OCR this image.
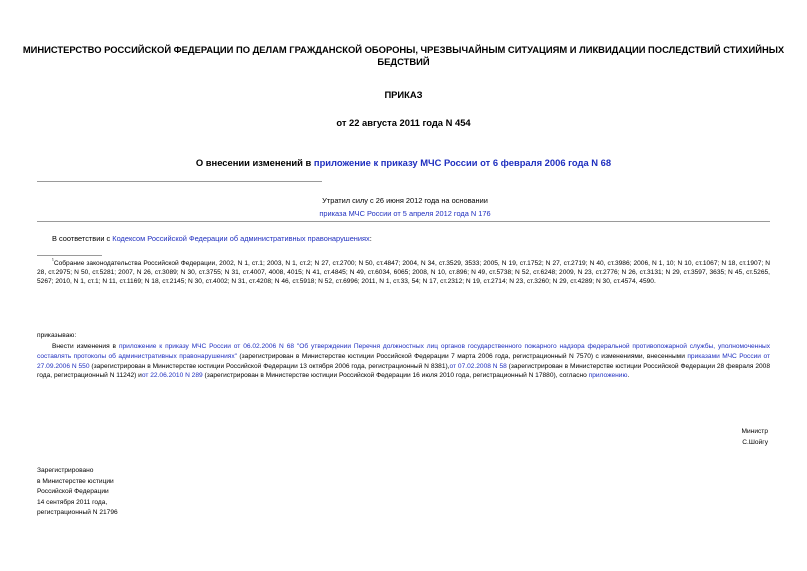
МИНИСТЕРСТВО РОССИЙСКОЙ ФЕДЕРАЦИИ ПО ДЕЛАМ ГРАЖДАНСКОЙ ОБОРОНЫ, ЧРЕЗВЫЧАЙНЫМ СИТУАЦИЯМ И ЛИКВИДАЦИИ ПОСЛЕДСТВИЙ СТИХИЙНЫХ БЕДСТВИЙ
ПРИКАЗ
от 22 августа 2011 года N 454
О внесении изменений в приложение к приказу МЧС России от 6 февраля 2006 года N 68
Утратил силу с 26 июня 2012 года на основании
приказа МЧС России от 5 апреля 2012 года N 176
В соответствии с Кодексом Российской Федерации об административных правонарушениях:
$^{^1}$Собрание законодательства Российской Федерации, 2002, N 1, ст.1; 2003, N 1, ст.2; N 27, ст.2700; N 50, ст.4847; 2004, N 34, ст.3529, 3533; 2005, N 19, ст.1752; N 27, ст.2719; N 40, ст.3986; 2006, N 1, 10; N 10, ст.1067; N 18, ст.1907; N 28, ст.2975; N 50, ст.5281; 2007, N 26, ст.3089; N 30, ст.3755; N 31, ст.4007, 4008, 4015; N 41, ст.4845; N 49, ст.6034, 6065; 2008, N 10, ст.896; N 49, ст.5738; N 52, ст.6248; 2009, N 23, ст.2776; N 26, ст.3131; N 29, ст.3597, 3635; N 45, ст.5265, 5267; 2010, N 1, ст.1; N 11, ст.1169; N 18, ст.2145; N 30, ст.4002; N 31, ст.4208; N 46, ст.5918; N 52, ст.6996; 2011, N 1, ст.33, 54; N 17, ст.2312; N 19, ст.2714; N 23, ст.3260; N 29, ст.4289; N 30, ст.4574, 4590.
приказываю:
Внести изменения в приложение к приказу МЧС России от 06.02.2006 N 68 "Об утверждении Перечня должностных лиц органов государственного пожарного надзора федеральной противопожарной службы, уполномоченных составлять протоколы об административных правонарушениях" (зарегистрирован в Министерстве юстиции Российской Федерации 7 марта 2006 года, регистрационный N 7570) с изменениями, внесенными приказами МЧС России от 27.09.2006 N 550 (зарегистрирован в Министерстве юстиции Российской Федерации 13 октября 2006 года, регистрационный N 8381),от 07.02.2008 N 58 (зарегистрирован в Министерстве юстиции Российской Федерации 28 февраля 2008 года, регистрационный N 11242) иот 22.06.2010 N 289 (зарегистрирован в Министерстве юстиции Российской Федерации 16 июля 2010 года, регистрационный N 17880), согласно приложению.
Министр
С.Шойгу
Зарегистрировано
в Министерстве юстиции
Российской Федерации
14 сентября 2011 года,
регистрационный N 21796
